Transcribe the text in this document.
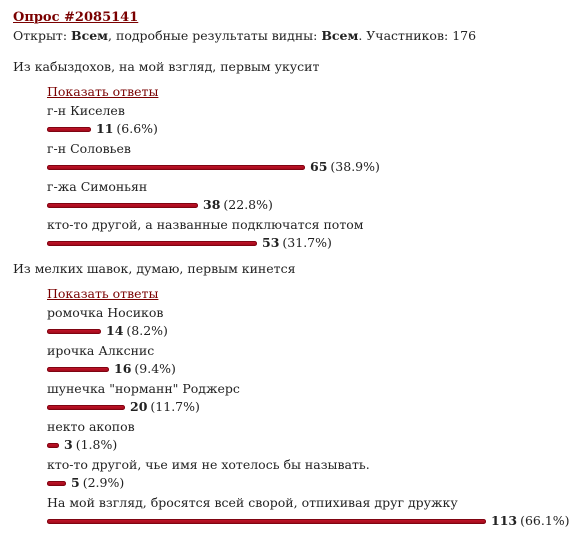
Опрос #2085141
Открыт: Всем, подробные результаты видны: Всем. Участников: 176
Из кабыздохов, на мой взгляд, первым укусит
Показать ответы
г-н Киселев
11 (6.6%)
г-н Соловьев
65 (38.9%)
г-жа Симоньян
38 (22.8%)
кто-то другой, а названные подключатся потом
53 (31.7%)
Из мелких шавок, думаю, первым кинется
Показать ответы
ромочка Носиков
14 (8.2%)
ирочка Алкснис
16 (9.4%)
шунечка "норманн" Роджерс
20 (11.7%)
некто акопов
3 (1.8%)
кто-то другой, чье имя не хотелось бы называть.
5 (2.9%)
На мой взгляд, бросятся всей сворой, отпихивая друг дружку
113 (66.1%)
